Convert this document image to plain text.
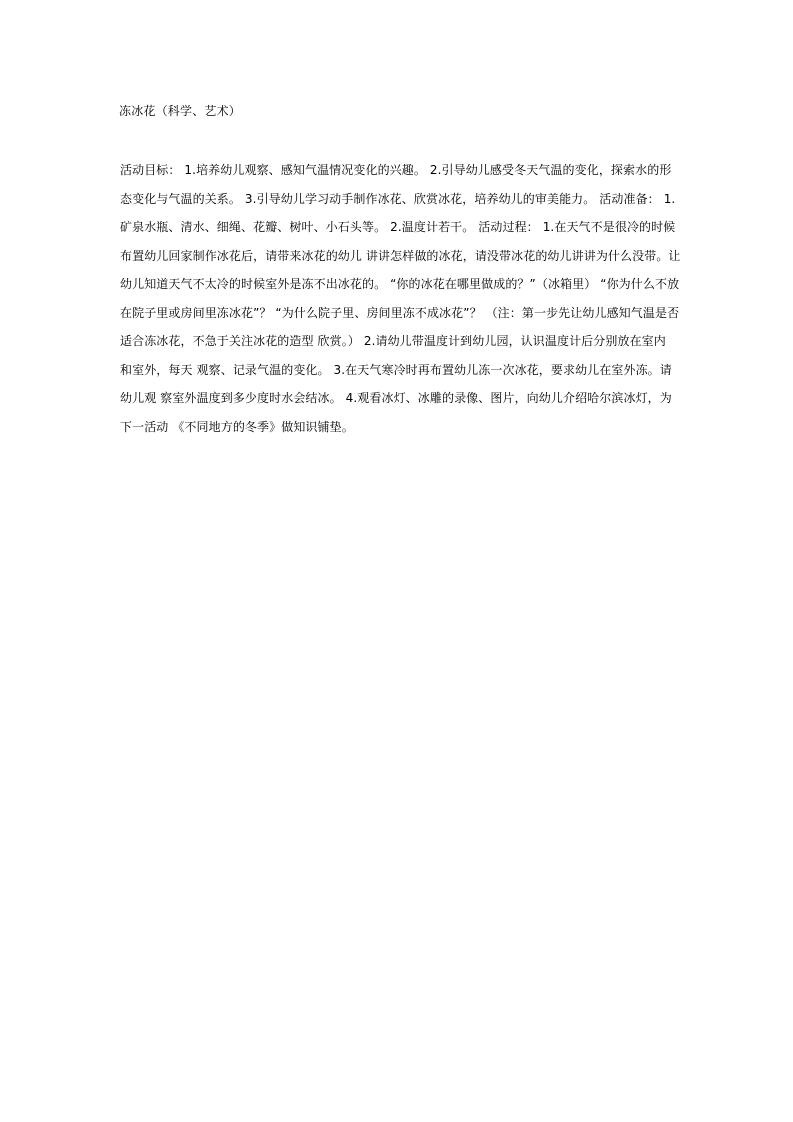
冻冰花（科学、艺术）
活动目标： 1.培养幼儿观察、感知气温情况变化的兴趣。 2.引导幼儿感受冬天气温的变化，探索水的形
态变化与气温的关系。 3.引导幼儿学习动手制作冰花、欣赏冰花，培养幼儿的审美能力。 活动准备： 1.
矿泉水瓶、清水、细绳、花瓣、树叶、小石头等。 2.温度计若干。 活动过程： 1.在天气不是很冷的时候
布置幼儿回家制作冰花后，请带来冰花的幼儿 讲讲怎样做的冰花，请没带冰花的幼儿讲讲为什么没带。让
幼儿知道天气不太冷的时候室外是冻不出冰花的。 “你的冰花在哪里做成的？”（冰箱里） “你为什么不放
在院子里或房间里冻冰花”？ “为什么院子里、房间里冻不成冰花”？ （注：第一步先让幼儿感知气温是否
适合冻冰花，不急于关注冰花的造型 欣赏。） 2.请幼儿带温度计到幼儿园，认识温度计后分别放在室内
和室外，每天 观察、记录气温的变化。 3.在天气寒冷时再布置幼儿冻一次冰花，要求幼儿在室外冻。请
幼儿观 察室外温度到多少度时水会结冰。 4.观看冰灯、冰雕的录像、图片，向幼儿介绍哈尔滨冰灯，为
下一活动 《不同地方的冬季》做知识铺垫。
